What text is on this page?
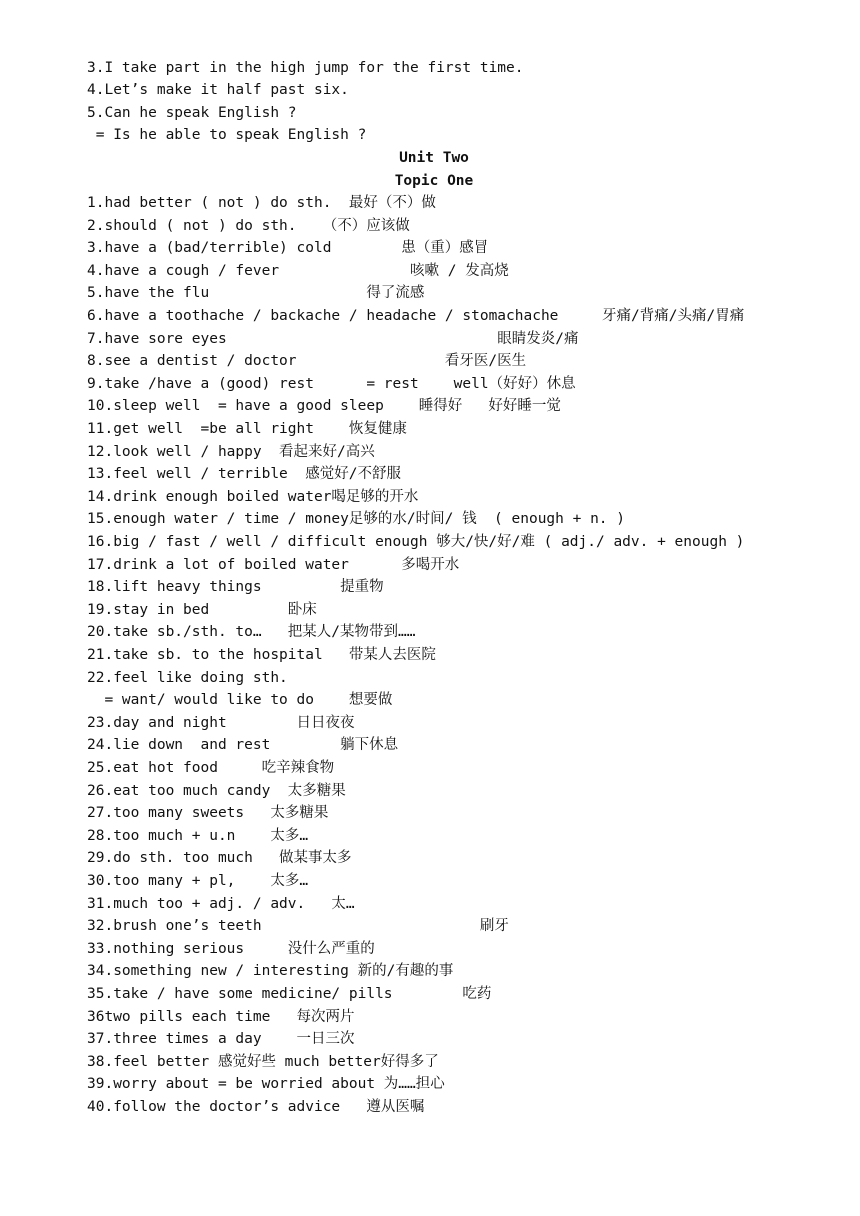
3.I take part in the high jump for the first time.
4.Let’s make it half past six.
5.Can he speak English ?
= Is he able to speak English ?
Unit Two
Topic One
1.had better ( not ) do sth.  最好（不）做
2.should ( not ) do sth.   （不）应该做
3.have a (bad/terrible) cold        患（重）感冒
4.have a cough / fever               咳嗽 / 发高烧
5.have the flu                  得了流感
6.have a toothache / backache / headache / stomachache     牙痛/背痛/头痛/胃痛
7.have sore eyes                               眼睛发炎/痛
8.see a dentist / doctor                 看牙医/医生
9.take /have a (good) rest      = rest    well（好好）休息
10.sleep well  = have a good sleep    睡得好   好好睡一觉
11.get well  =be all right    恢复健康
12.look well / happy  看起来好/高兴
13.feel well / terrible  感觉好/不舒服
14.drink enough boiled water喝足够的开水
15.enough water / time / money足够的水/时间/ 钱  ( enough + n. )
16.big / fast / well / difficult enough 够大/快/好/难 ( adj./ adv. + enough )
17.drink a lot of boiled water      多喝开水
18.lift heavy things         提重物
19.stay in bed         卧床
20.take sb./sth. to…   把某人/某物带到……
21.take sb. to the hospital   带某人去医院
22.feel like doing sth.
= want/ would like to do    想要做
23.day and night        日日夜夜
24.lie down  and rest        躺下休息
25.eat hot food     吃辛辣食物
26.eat too much candy  太多糖果
27.too many sweets   太多糖果
28.too much + u.n    太多…
29.do sth. too much   做某事太多
30.too many + pl,    太多…
31.much too + adj. / adv.   太…
32.brush one’s teeth                         刷牙
33.nothing serious     没什么严重的
34.something new / interesting 新的/有趣的事
35.take / have some medicine/ pills        吃药
36two pills each time   每次两片
37.three times a day    一日三次
38.feel better 感觉好些 much better好得多了
39.worry about = be worried about 为……担心
40.follow the doctor’s advice   遵从医嘱
